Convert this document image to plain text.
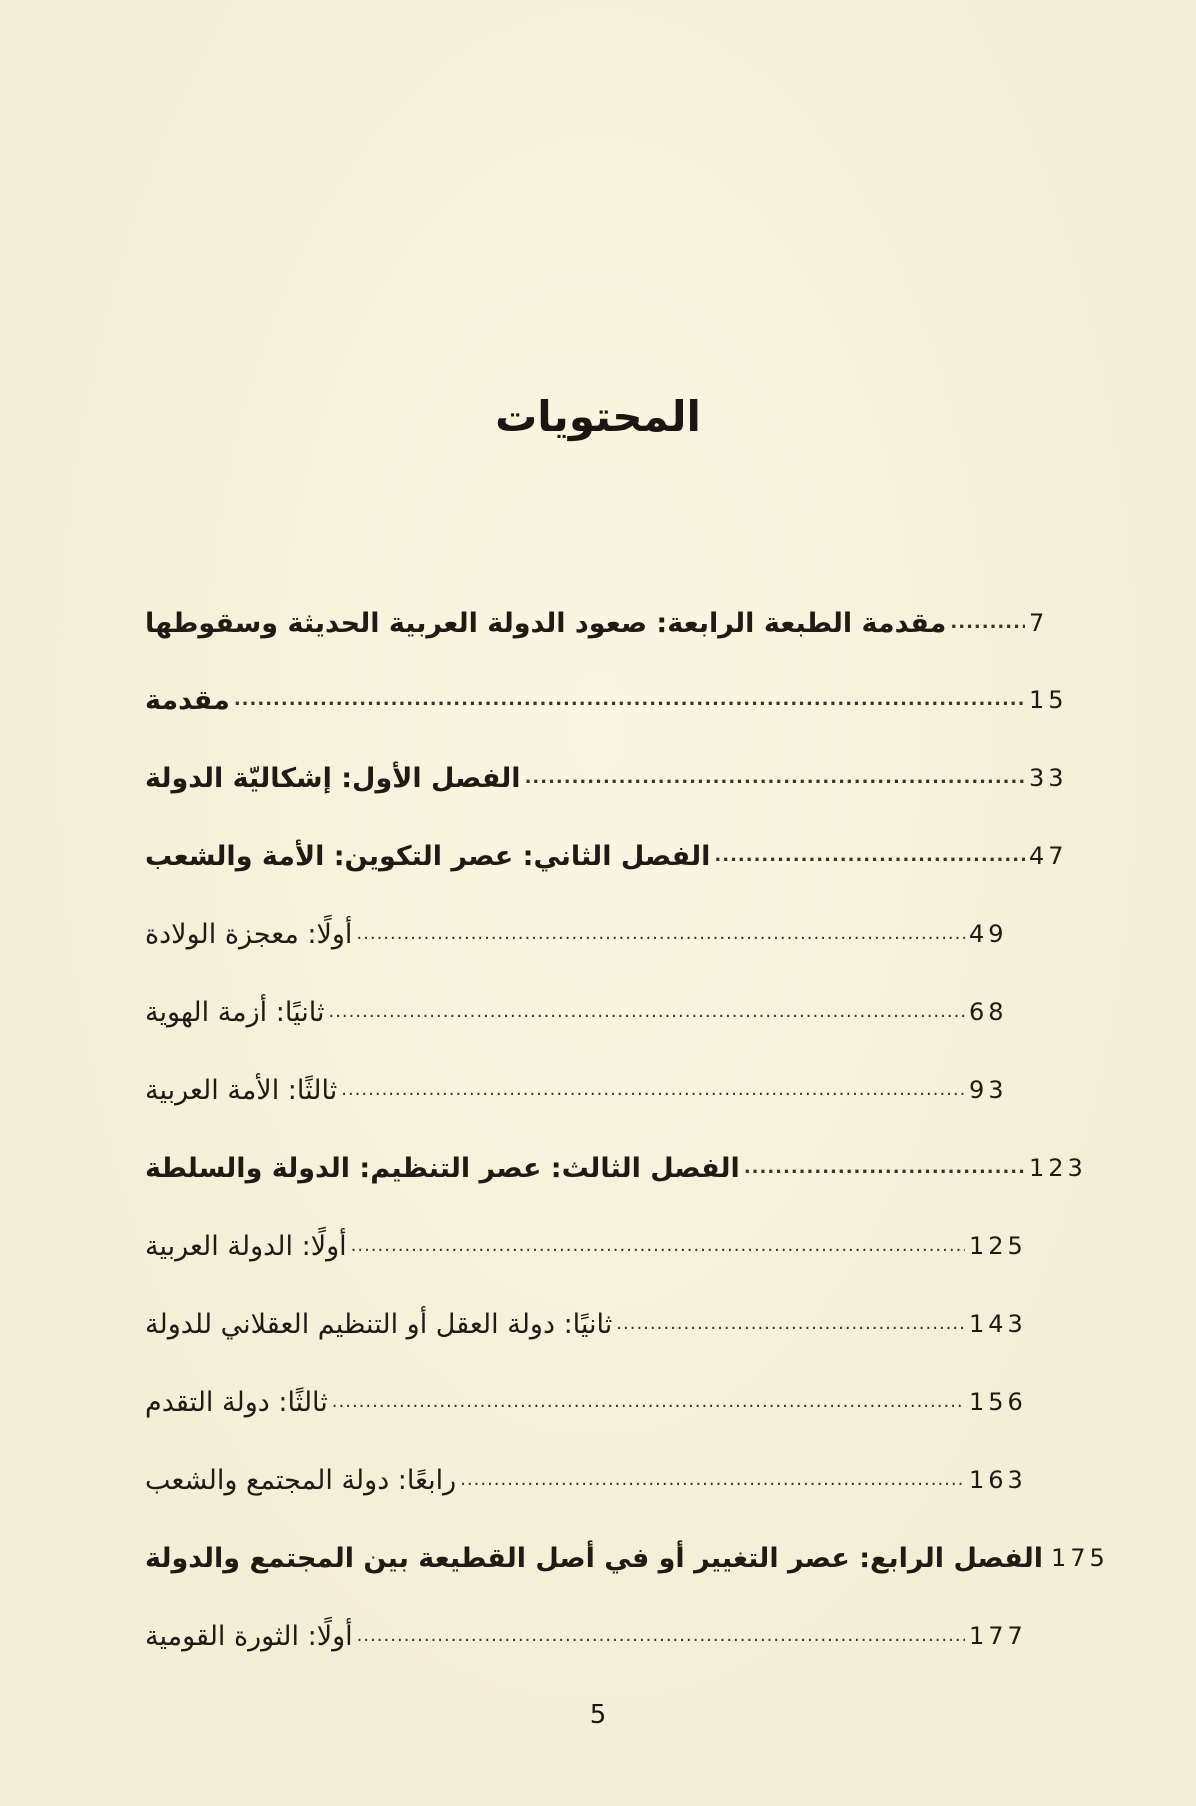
المحتويات
مقدمة الطبعة الرابعة: صعود الدولة العربية الحديثة وسقوطها .....	7
مقدمة .....	15
الفصل الأول: إشكاليّة الدولة .....	33
الفصل الثاني: عصر التكوين: الأمة والشعب .....	47
أولًا: معجزة الولادة .....	49
ثانيًا: أزمة الهوية .....	68
ثالثًا: الأمة العربية .....	93
الفصل الثالث: عصر التنظيم: الدولة والسلطة .....	123
أولًا: الدولة العربية .....	125
ثانيًا: دولة العقل أو التنظيم العقلاني للدولة .....	143
ثالثًا: دولة التقدم .....	156
رابعًا: دولة المجتمع والشعب .....	163
الفصل الرابع: عصر التغيير أو في أصل القطيعة بين المجتمع والدولة 175
أولًا: الثورة القومية .....	177
5
